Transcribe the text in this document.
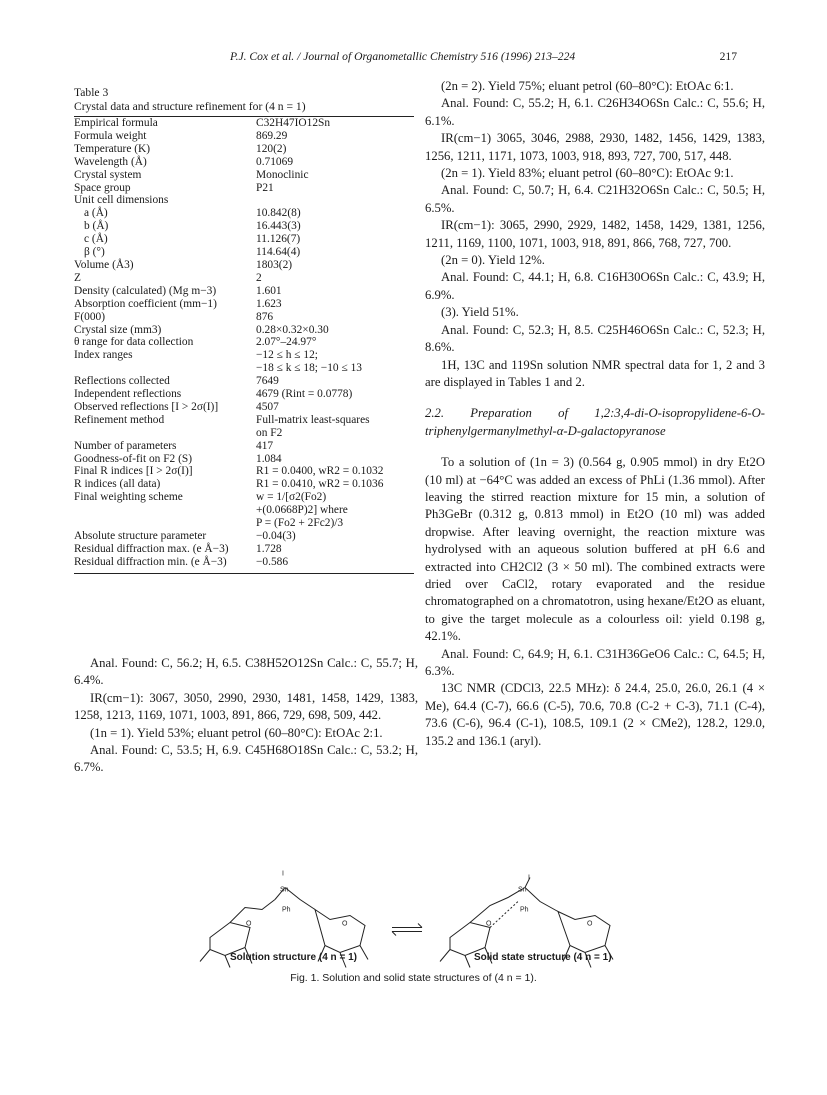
P.J. Cox et al. / Journal of Organometallic Chemistry 516 (1996) 213–224	217
Table 3
Crystal data and structure refinement for (4 n = 1)
Empirical formula	C32H47IO12Sn
Formula weight	869.29
Temperature (K)	120(2)
Wavelength (Å)	0.71069
Crystal system	Monoclinic
Space group	P21
Unit cell dimensions	
a (Å)	10.842(8)
b (Å)	16.443(3)
c (Å)	11.126(7)
β (°)	114.64(4)
Volume (Å3)	1803(2)
Z	2
Density (calculated) (Mg m−3)	1.601
Absorption coefficient (mm−1)	1.623
F(000)	876
Crystal size (mm3)	0.28×0.32×0.30
θ range for data collection	2.07°–24.97°
Index ranges	−12 ≤ h ≤ 12;
	−18 ≤ k ≤ 18; −10 ≤ 13
Reflections collected	7649
Independent reflections	4679 (Rint = 0.0778)
Observed reflections [I > 2σ(I)]	4507
Refinement method	Full-matrix least-squares
	on F2
Number of parameters	417
Goodness-of-fit on F2 (S)	1.084
Final R indices [I > 2σ(I)]	R1 = 0.0400, wR2 = 0.1032
R indices (all data)	R1 = 0.0410, wR2 = 0.1036
Final weighting scheme	w = 1/[σ2(Fo2)
	+(0.0668P)2] where
	P = (Fo2 + 2Fc2)/3
Absolute structure parameter	−0.04(3)
Residual diffraction max. (e Å−3)	1.728
Residual diffraction min. (e Å−3)	−0.586

Anal. Found: C, 56.2; H, 6.5. C38H52O12Sn Calc.: C, 55.7; H, 6.4%.

IR(cm−1): 3067, 3050, 2990, 2930, 1481, 1458, 1429, 1383, 1258, 1213, 1169, 1071, 1003, 891, 866, 729, 698, 509, 442.

(1n = 1). Yield 53%; eluant petrol (60–80°C): EtOAc 2:1.

Anal. Found: C, 53.5; H, 6.9. C45H68O18Sn Calc.: C, 53.2; H, 6.7%.

(2n = 2). Yield 75%; eluant petrol (60–80°C): EtOAc 6:1.

Anal. Found: C, 55.2; H, 6.1. C26H34O6Sn Calc.: C, 55.6; H, 6.1%.

IR(cm−1) 3065, 3046, 2988, 2930, 1482, 1456, 1429, 1383, 1256, 1211, 1171, 1073, 1003, 918, 893, 727, 700, 517, 448.

(2n = 1). Yield 83%; eluant petrol (60–80°C): EtOAc 9:1.

Anal. Found: C, 50.7; H, 6.4. C21H32O6Sn Calc.: C, 50.5; H, 6.5%.

IR(cm−1): 3065, 2990, 2929, 1482, 1458, 1429, 1381, 1256, 1211, 1169, 1100, 1071, 1003, 918, 891, 866, 768, 727, 700.

(2n = 0). Yield 12%.

Anal. Found: C, 44.1; H, 6.8. C16H30O6Sn Calc.: C, 43.9; H, 6.9%.

(3). Yield 51%.

Anal. Found: C, 52.3; H, 8.5. C25H46O6Sn Calc.: C, 52.3; H, 8.6%.

1H, 13C and 119Sn solution NMR spectral data for 1, 2 and 3 are displayed in Tables 1 and 2.

2.2. Preparation of 1,2:3,4-di-O-isopropylidene-6-O-triphenylgermanylmethyl-α-D-galactopyranose

To a solution of (1n = 3) (0.564 g, 0.905 mmol) in dry Et2O (10 ml) at −64°C was added an excess of PhLi (1.36 mmol). After leaving the stirred reaction mixture for 15 min, a solution of Ph3GeBr (0.312 g, 0.813 mmol) in Et2O (10 ml) was added dropwise. After leaving overnight, the reaction mixture was hydrolysed with an aqueous solution buffered at pH 6.6 and extracted into CH2Cl2 (3 × 50 ml). The combined extracts were dried over CaCl2, rotary evaporated and the residue chromatographed on a chromatotron, using hexane/Et2O as eluant, to give the target molecule as a colourless oil: yield 0.198 g, 42.1%.

Anal. Found: C, 64.9; H, 6.1. C31H36GeO6 Calc.: C, 64.5; H, 6.3%.

13C NMR (CDCl3, 22.5 MHz): δ 24.4, 25.0, 26.0, 26.1 (4 × Me), 64.4 (C-7), 66.6 (C-5), 70.6, 70.8 (C-2 + C-3), 71.1 (C-4), 73.6 (C-6), 96.4 (C-1), 108.5, 109.1 (2 × CMe2), 128.2, 129.0, 135.2 and 136.1 (aryl).

I
Sn
Ph
I
Sn
Ph
O	O	O	O
Solution structure (4 n = 1)	Solid state structure (4 n = 1)
Fig. 1. Solution and solid state structures of (4 n = 1).
